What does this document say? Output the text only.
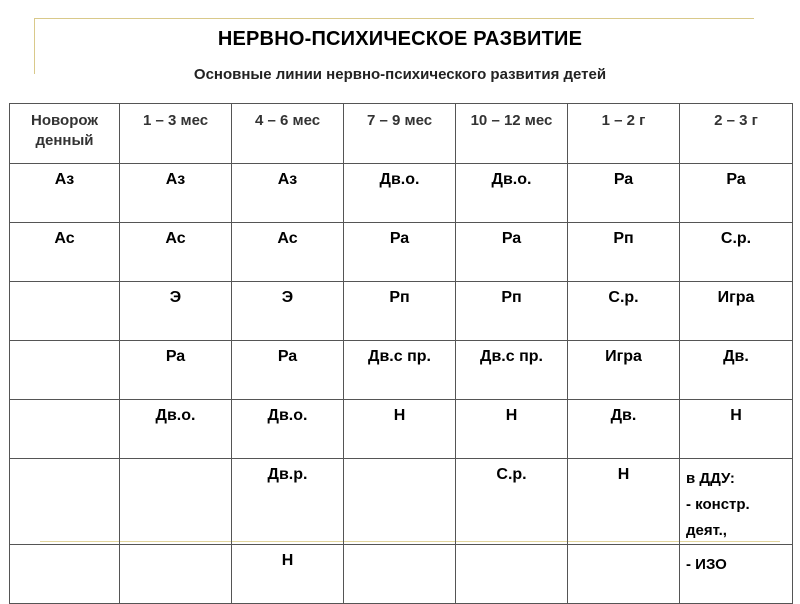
НЕРВНО-ПСИХИЧЕСКОЕ РАЗВИТИЕ
Основные линии нервно-психического развития детей
Новорож денный	1 – 3 мес	4 – 6 мес	7 – 9 мес	10 – 12 мес	1 – 2 г	2 – 3 г
Аз	Аз	Аз	Дв.о.	Дв.о.	Ра	Ра
Ас	Ас	Ас	Ра	Ра	Рп	С.р.
	Э	Э	Рп	Рп	С.р.	Игра
	Ра	Ра	Дв.с пр.	Дв.с пр.	Игра	Дв.
	Дв.о.	Дв.о.	Н	Н	Дв.	Н
		Дв.р.		С.р.	Н	в ДДУ:
- констр.
деят.,

		Н				- ИЗО
